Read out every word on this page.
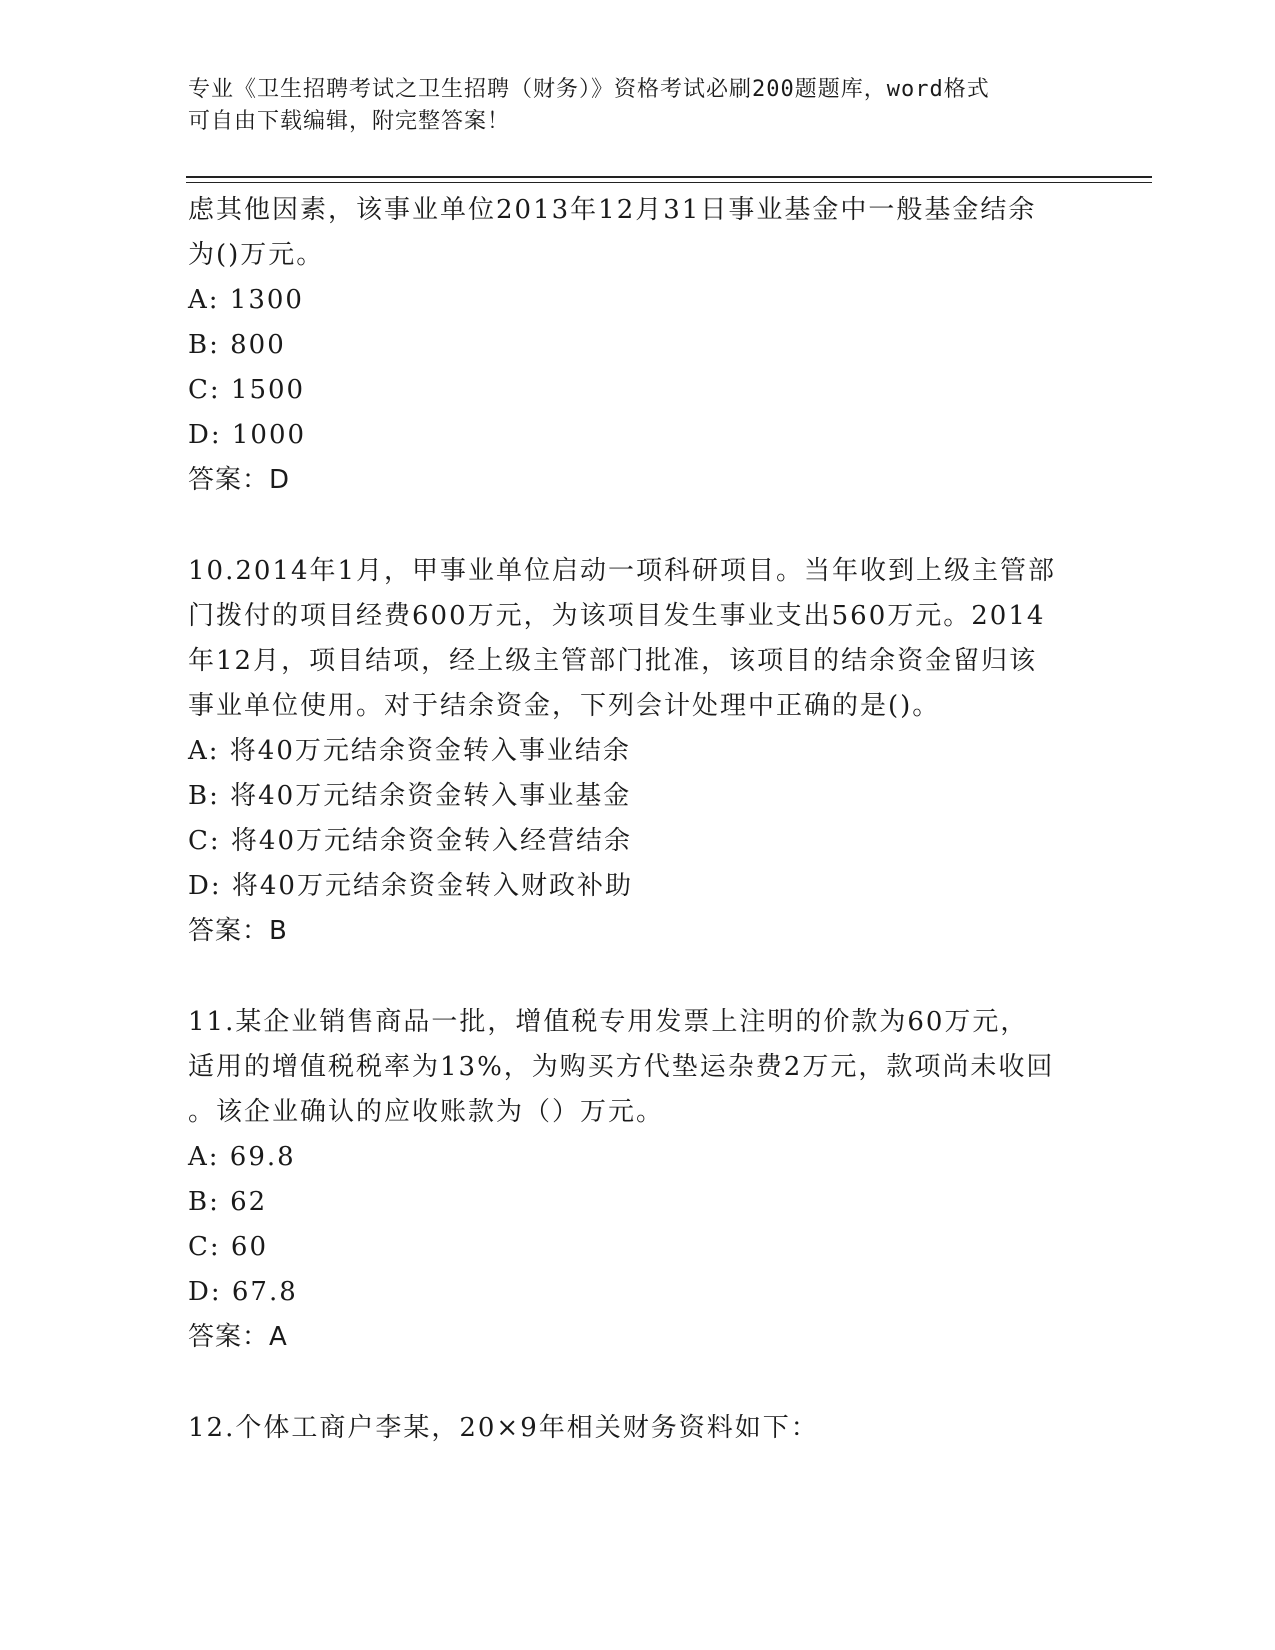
专业《卫生招聘考试之卫生招聘（财务）》资格考试必刷200题题库，word格式
可自由下载编辑，附完整答案！
虑其他因素，该事业单位2013年12月31日事业基金中一般基金结余
为()万元。
A: 1300
B: 800
C: 1500
D: 1000
答案：D
10.2014年1月，甲事业单位启动一项科研项目。当年收到上级主管部
门拨付的项目经费600万元，为该项目发生事业支出560万元。2014
年12月，项目结项，经上级主管部门批准，该项目的结余资金留归该
事业单位使用。对于结余资金，下列会计处理中正确的是()。
A: 将40万元结余资金转入事业结余
B: 将40万元结余资金转入事业基金
C: 将40万元结余资金转入经营结余
D: 将40万元结余资金转入财政补助
答案：B
11.某企业销售商品一批，增值税专用发票上注明的价款为60万元，
适用的增值税税率为13%，为购买方代垫运杂费2万元，款项尚未收回
。该企业确认的应收账款为（）万元。
A: 69.8
B: 62
C: 60
D: 67.8
答案：A
12.个体工商户李某，20×9年相关财务资料如下：
